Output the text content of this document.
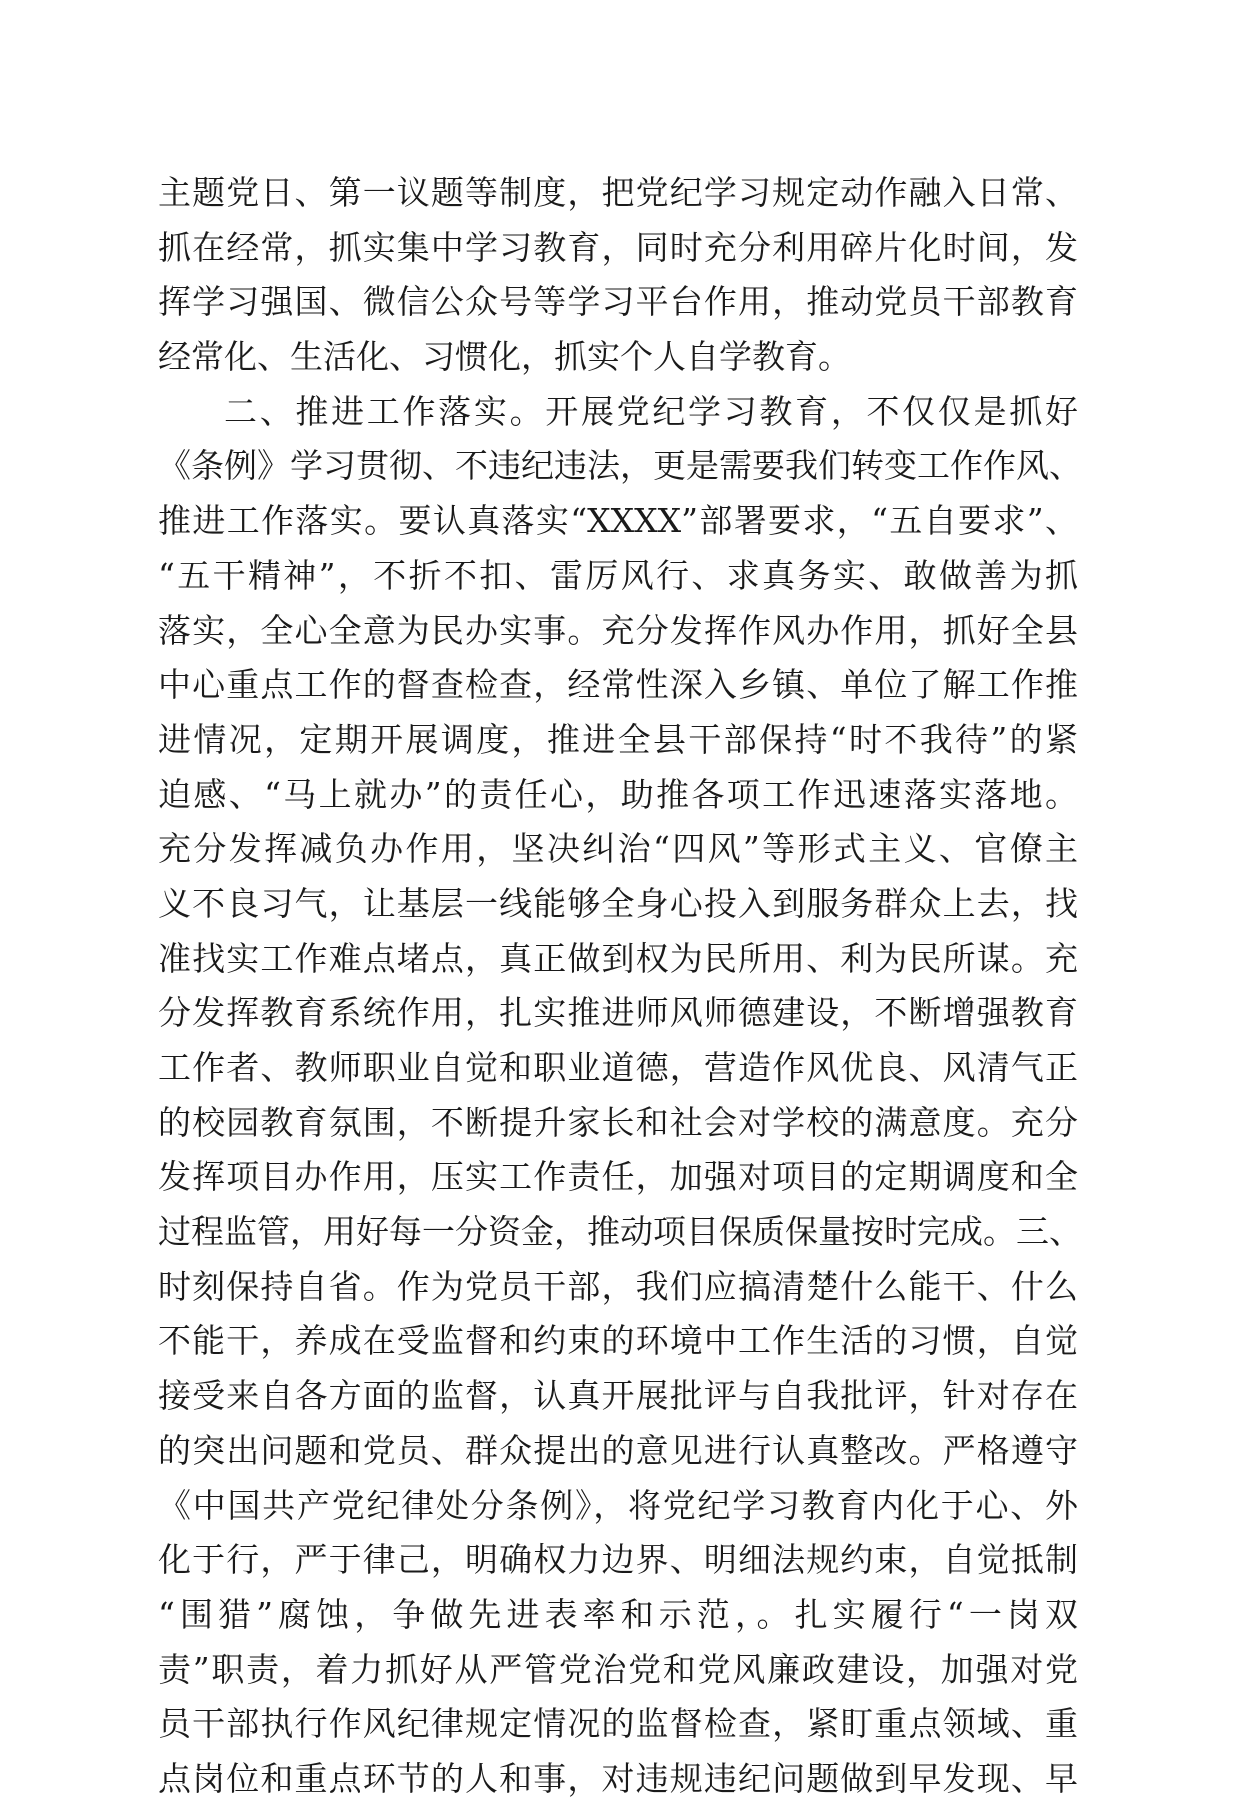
主题党日、第一议题等制度，把党纪学习规定动作融入日常、
抓在经常，抓实集中学习教育，同时充分利用碎片化时间，发
挥学习强国、微信公众号等学习平台作用，推动党员干部教育
经常化、生活化、习惯化，抓实个人自学教育。
二、推进工作落实。开展党纪学习教育，不仅仅是抓好
《条例》学习贯彻、不违纪违法，更是需要我们转变工作作风、
推进工作落实。要认真落实“XXXX”部署要求，“五自要求”、
“五干精神”，不折不扣、雷厉风行、求真务实、敢做善为抓
落实，全心全意为民办实事。充分发挥作风办作用，抓好全县
中心重点工作的督查检查，经常性深入乡镇、单位了解工作推
进情况，定期开展调度，推进全县干部保持“时不我待”的紧
迫感、“马上就办”的责任心，助推各项工作迅速落实落地。
充分发挥减负办作用，坚决纠治“四风”等形式主义、官僚主
义不良习气，让基层一线能够全身心投入到服务群众上去，找
准找实工作难点堵点，真正做到权为民所用、利为民所谋。充
分发挥教育系统作用，扎实推进师风师德建设，不断增强教育
工作者、教师职业自觉和职业道德，营造作风优良、风清气正
的校园教育氛围，不断提升家长和社会对学校的满意度。充分
发挥项目办作用，压实工作责任，加强对项目的定期调度和全
过程监管，用好每一分资金，推动项目保质保量按时完成。三、
时刻保持自省。作为党员干部，我们应搞清楚什么能干、什么
不能干，养成在受监督和约束的环境中工作生活的习惯，自觉
接受来自各方面的监督，认真开展批评与自我批评，针对存在
的突出问题和党员、群众提出的意见进行认真整改。严格遵守
《中国共产党纪律处分条例》，将党纪学习教育内化于心、外
化于行，严于律己，明确权力边界、明细法规约束，自觉抵制
“围猎”腐蚀，争做先进表率和示范，。扎实履行“一岗双
责”职责，着力抓好从严管党治党和党风廉政建设，加强对党
员干部执行作风纪律规定情况的监督检查，紧盯重点领域、重
点岗位和重点环节的人和事，对违规违纪问题做到早发现、早
